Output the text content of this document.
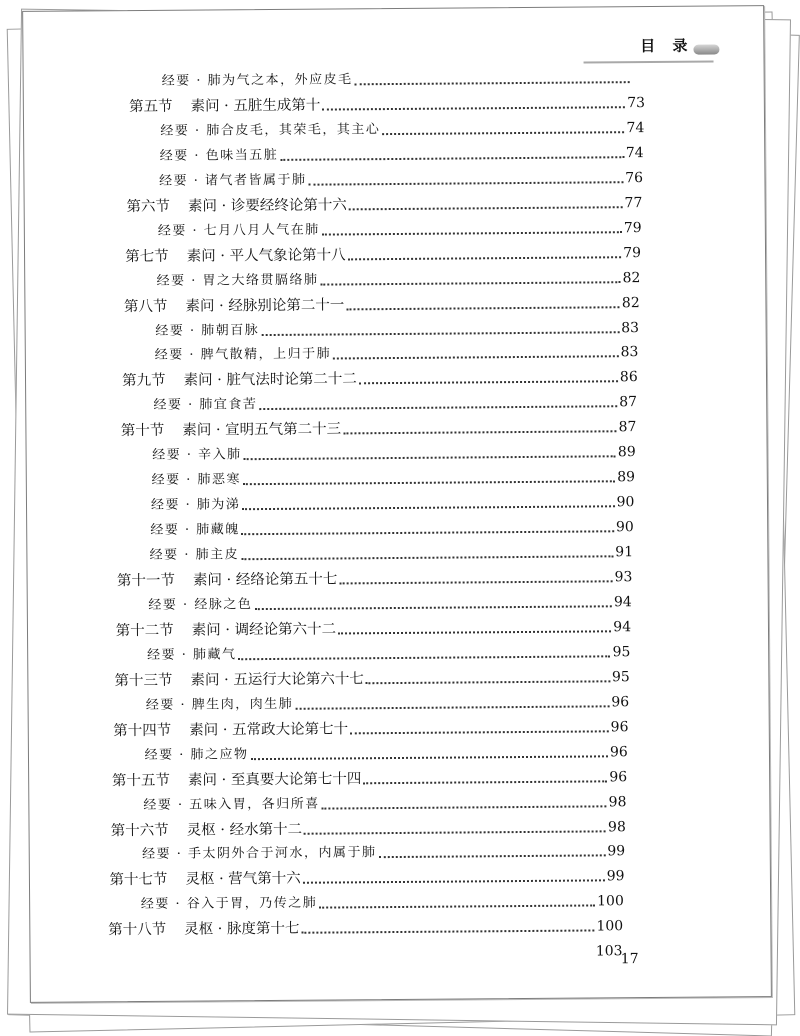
目 录
经要 · 肺为气之本，外应皮毛
第五节 素问 · 五脏生成第十	73
经要 · 肺合皮毛，其荣毛，其主心	74
经要 · 色味当五脏	74
经要 · 诸气者皆属于肺	76
第六节 素问 · 诊要经终论第十六	77
经要 · 七月八月人气在肺	79
第七节 素问 · 平人气象论第十八	79
经要 · 胃之大络贯膈络肺	82
第八节 素问 · 经脉别论第二十一	82
经要 · 肺朝百脉	83
经要 · 脾气散精，上归于肺	83
第九节 素问 · 脏气法时论第二十二	86
经要 · 肺宜食苦	87
第十节 素问 · 宣明五气第二十三	87
经要 · 辛入肺	89
经要 · 肺恶寒	89
经要 · 肺为涕	90
经要 · 肺藏魄	90
经要 · 肺主皮	91
第十一节 素问 · 经络论第五十七	93
经要 · 经脉之色	94
第十二节 素问 · 调经论第六十二	94
经要 · 肺藏气	95
第十三节 素问 · 五运行大论第六十七	95
经要 · 脾生肉，肉生肺	96
第十四节 素问 · 五常政大论第七十	96
经要 · 肺之应物	96
第十五节 素问 · 至真要大论第七十四	96
经要 · 五味入胃，各归所喜	98
第十六节 灵枢 · 经水第十二	98
经要 · 手太阴外合于河水，内属于肺	99
第十七节 灵枢 · 营气第十六	99
经要 · 谷入于胃，乃传之肺	100
第十八节 灵枢 · 脉度第十七	100
103
17
